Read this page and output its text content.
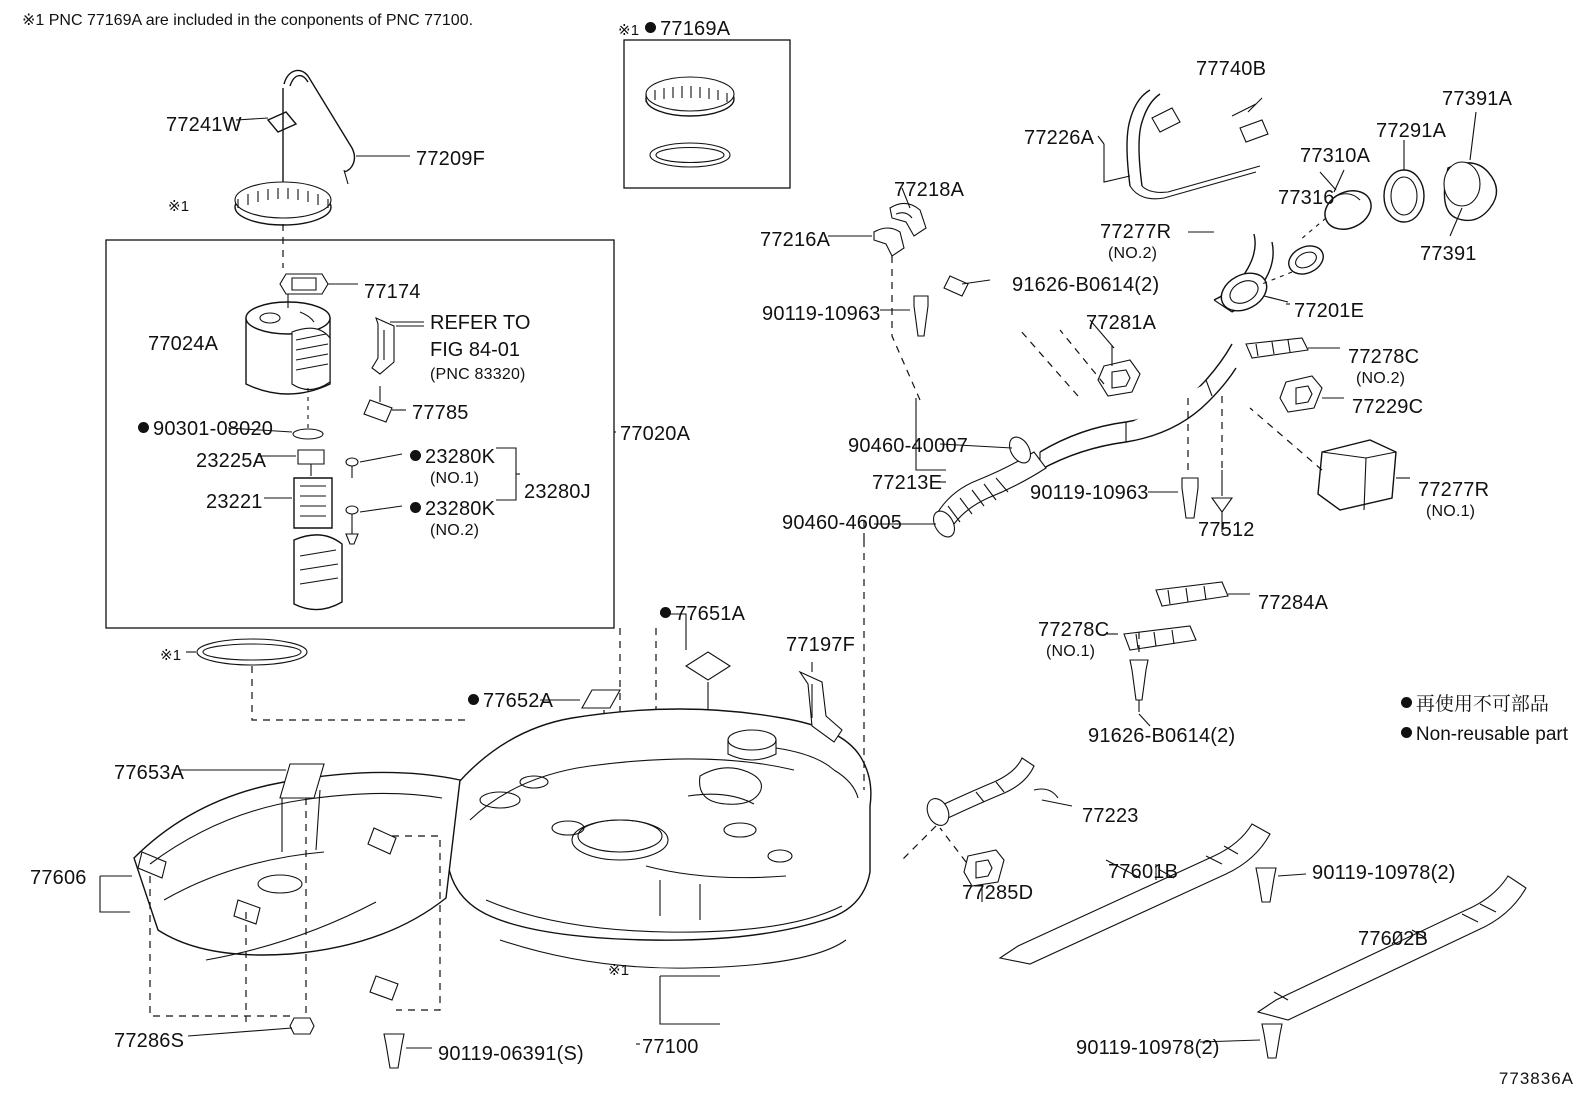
※1 PNC 77169A are included in the conponents of PNC 77100.
※1 77169A
77241W
77209F
※1
77740B
77226A
77391A
77291A
77310A
77316
77391
77218A
77216A	77277R
(NO.2)
91626-B0614(2)
90119-10963	77201E
77281A
77278C
(NO.2)
77229C
77174
77024A
77785
90301-08020	77020A
23225A	23280K
(NO.1)
23280J
23221	23280K
(NO.2)
90460-40007
77213E	90119-10963
90460-46005	77512
77277R
(NO.1)
77284A
77278C
(NO.1)
91626-B0614(2)
77651A
77197F
※1
77652A
77653A
77606
77223
77601B	90119-10978(2)
77285D
77602B
※1
77286S
90119-06391(S)	77100	90119-10978(2)
REFER TO
FIG 84-01
(PNC 83320)
再使用不可部品
Non-reusable part
773836A
